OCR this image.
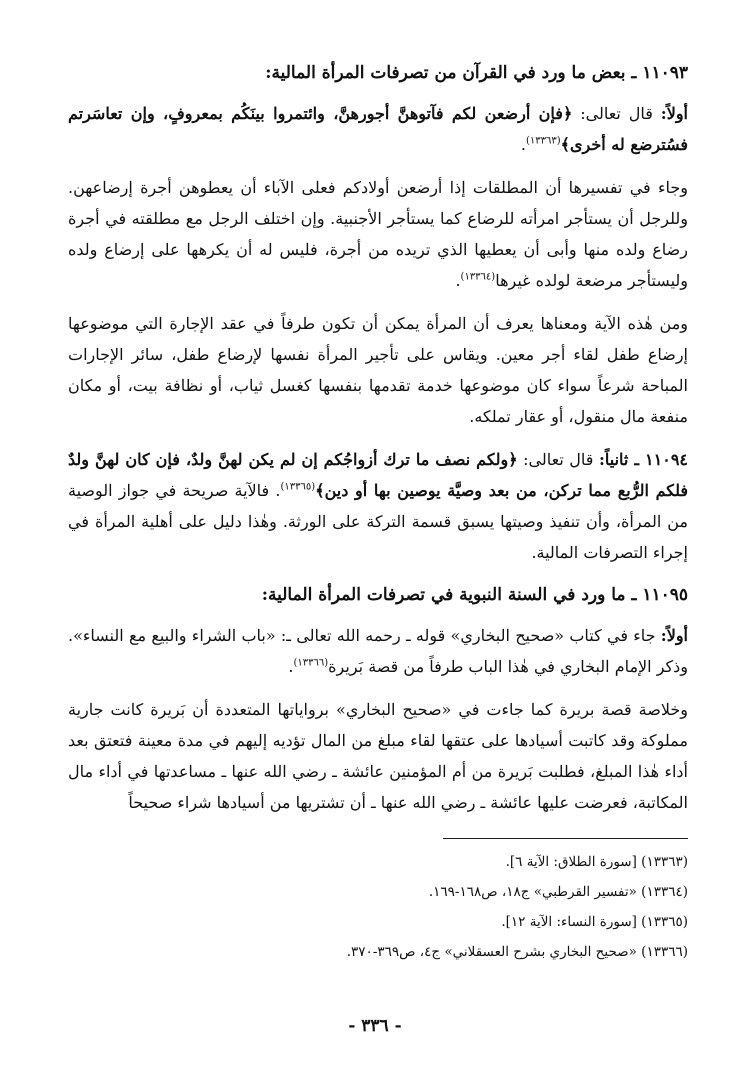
١١٠٩٣ ـ بعض ما ورد في القرآن من تصرفات المرأة المالية:

أولاً: قال تعالى: ﴿فإن أرضعن لكم فآتوهنَّ أجورهنَّ، وائتمروا بينَكُم بمعروفٍ، وإن تعاسَرتم فسُترضع له أخرى﴾$^{(١٣٣٦٣)}$.

وجاء في تفسيرها أن المطلقات إذا أرضعن أولادكم فعلى الآباء أن يعطوهن أجرة إرضاعهن. وللرجل أن يستأجر امرأته للرضاع كما يستأجر الأجنبية. وإن اختلف الرجل مع مطلقته في أجرة رضاع ولده منها وأبى أن يعطيها الذي تريده من أجرة، فليس له أن يكرهها على إرضاع ولده وليستأجر مرضعة لولده غيرها$^{(١٣٣٦٤)}$.

ومن هٰذه الآية ومعناها يعرف أن المرأة يمكن أن تكون طرفاً في عقد الإجارة التي موضوعها إرضاع طفل لقاء أجر معين. ويقاس على تأجير المرأة نفسها لإرضاع طفل، سائر الإجارات المباحة شرعاً سواء كان موضوعها خدمة تقدمها بنفسها كغسل ثياب، أو نظافة بيت، أو مكان منفعة مال منقول، أو عقار تملكه.

١١٠٩٤ ـ ثانياً: قال تعالى: ﴿ولكم نصف ما ترك أزواجُكم إن لم يكن لهنَّ ولدٌ، فإن كان لهنَّ ولدٌ فلكم الرُّبع مما تركن، من بعد وصيَّة يوصين بها أو دين﴾$^{(١٣٣٦٥)}$. فالآية صريحة في جواز الوصية من المرأة، وأن تنفيذ وصيتها يسبق قسمة التركة على الورثة. وهٰذا دليل على أهلية المرأة في إجراء التصرفات المالية.

١١٠٩٥ ـ ما ورد في السنة النبوية في تصرفات المرأة المالية:

أولاً: جاء في كتاب «صحيح البخاري» قوله ـ رحمه الله تعالى ـ: «باب الشراء والبيع مع النساء». وذكر الإمام البخاري في هٰذا الباب طرفاً من قصة بَريرة$^{(١٣٣٦٦)}$.

وخلاصة قصة بريرة كما جاءت في «صحيح البخاري» برواياتها المتعددة أن بَريرة كانت جارية مملوكة وقد كاتبت أسيادها على عتقها لقاء مبلغ من المال تؤديه إليهم في مدة معينة فتعتق بعد أداء هٰذا المبلغ، فطلبت بَريرة من أم المؤمنين عائشة ـ رضي الله عنها ـ مساعدتها في أداء مال المكاتبة، فعرضت عليها عائشة ـ رضي الله عنها ـ أن تشتريها من أسيادها شراء صحيحاً

(١٣٣٦٣) [سورة الطلاق: الآية ٦].

(١٣٣٦٤) «تفسير القرطبي» ج١٨، ص١٦٨-١٦٩.

(١٣٣٦٥) [سورة النساء: الآية ١٢].

(١٣٣٦٦) «صحيح البخاري بشرح العسقلاني» ج٤، ص٣٦٩-٣٧٠.

- ٣٣٦ -
